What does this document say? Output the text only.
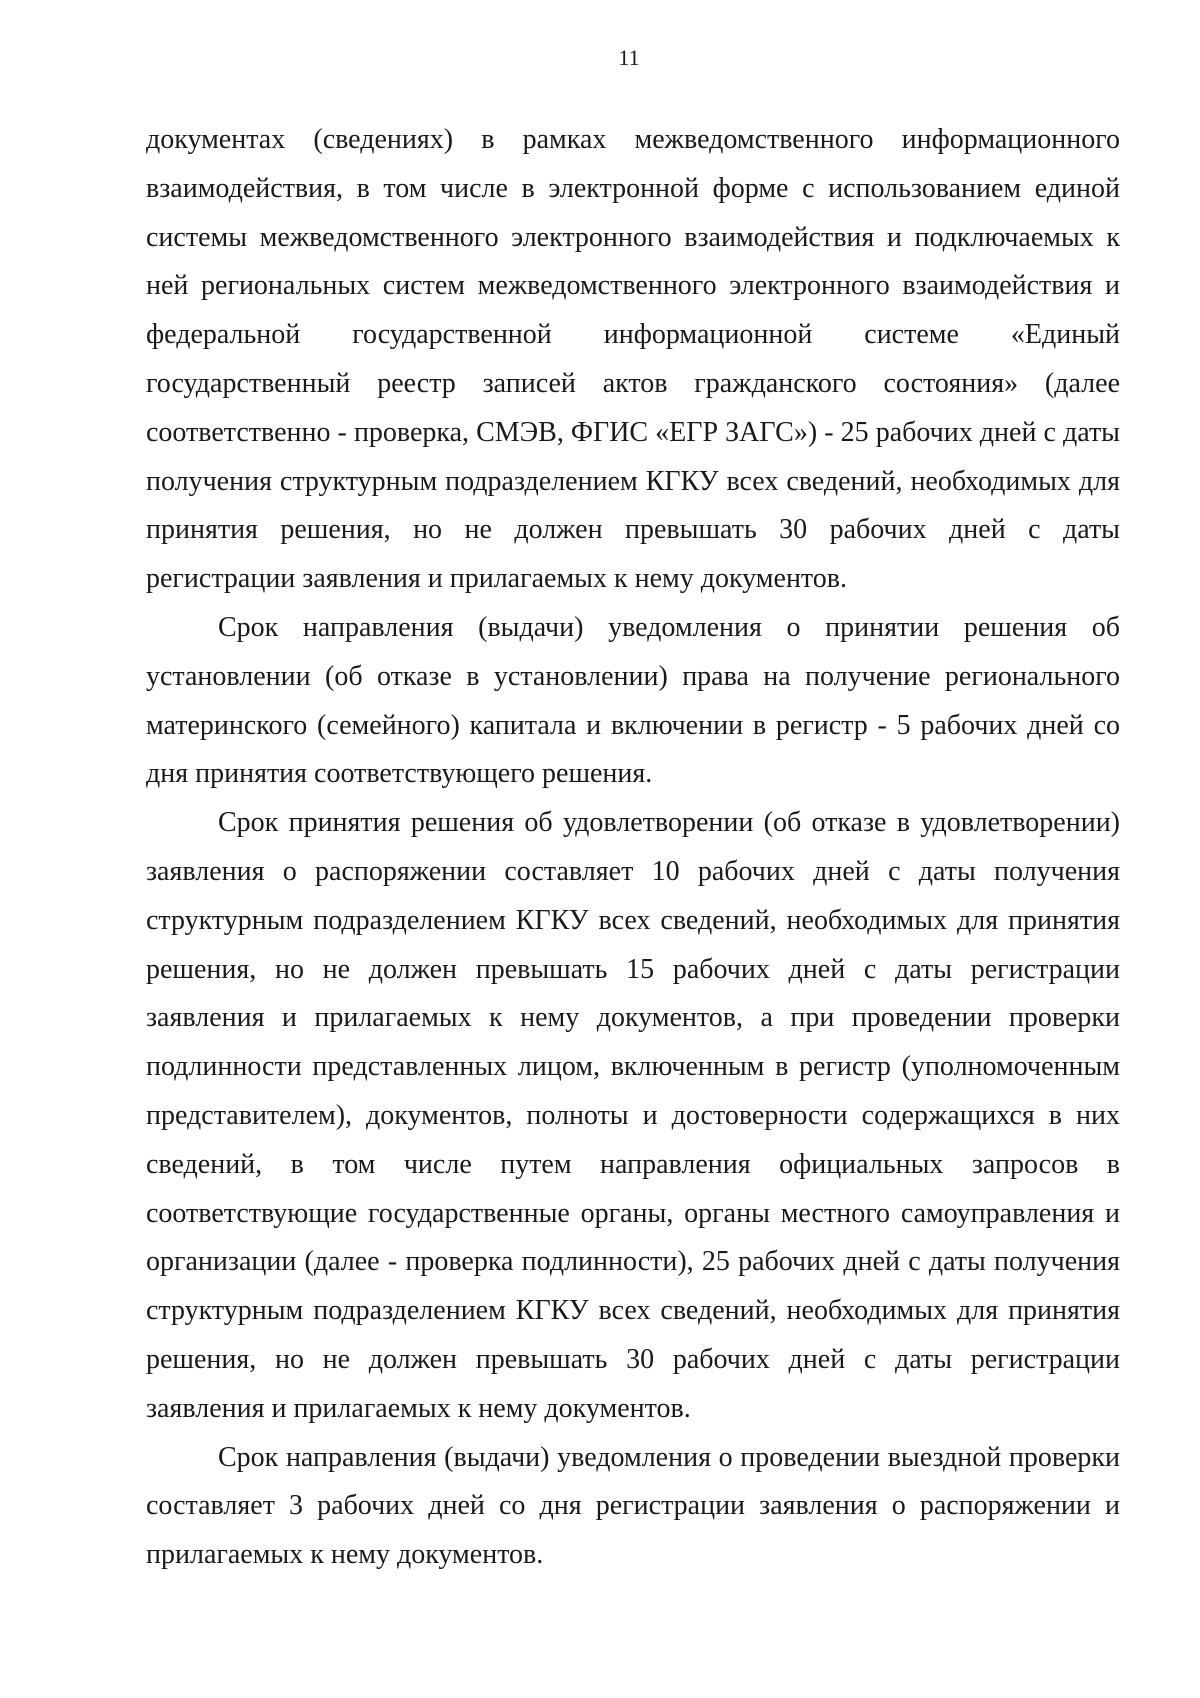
11

документах (сведениях) в рамках межведомственного информационного взаимодействия, в том числе в электронной форме с использованием единой системы межведомственного электронного взаимодействия и подключаемых к ней региональных систем межведомственного электронного взаимодействия и федеральной государственной информационной системе «Единый государственный реестр записей актов гражданского состояния» (далее соответственно - проверка, СМЭВ, ФГИС «ЕГР ЗАГС») - 25 рабочих дней с даты получения структурным подразделением КГКУ всех сведений, необходимых для принятия решения, но не должен превышать 30 рабочих дней с даты регистрации заявления и прилагаемых к нему документов.

Срок направления (выдачи) уведомления о принятии решения об установлении (об отказе в установлении) права на получение регионального материнского (семейного) капитала и включении в регистр - 5 рабочих дней со дня принятия соответствующего решения.

Срок принятия решения об удовлетворении (об отказе в удовлетворении) заявления о распоряжении составляет 10 рабочих дней с даты получения структурным подразделением КГКУ всех сведений, необходимых для принятия решения, но не должен превышать 15 рабочих дней с даты регистрации заявления и прилагаемых к нему документов, а при проведении проверки подлинности представленных лицом, включенным в регистр (уполномоченным представителем), документов, полноты и достоверности содержащихся в них сведений, в том числе путем направления официальных запросов в соответствующие государственные органы, органы местного самоуправления и организации (далее - проверка подлинности), 25 рабочих дней с даты получения структурным подразделением КГКУ всех сведений, необходимых для принятия решения, но не должен превышать 30 рабочих дней с даты регистрации заявления и прилагаемых к нему документов.

Срок направления (выдачи) уведомления о проведении выездной проверки составляет 3 рабочих дней со дня регистрации заявления о распоряжении и прилагаемых к нему документов.
